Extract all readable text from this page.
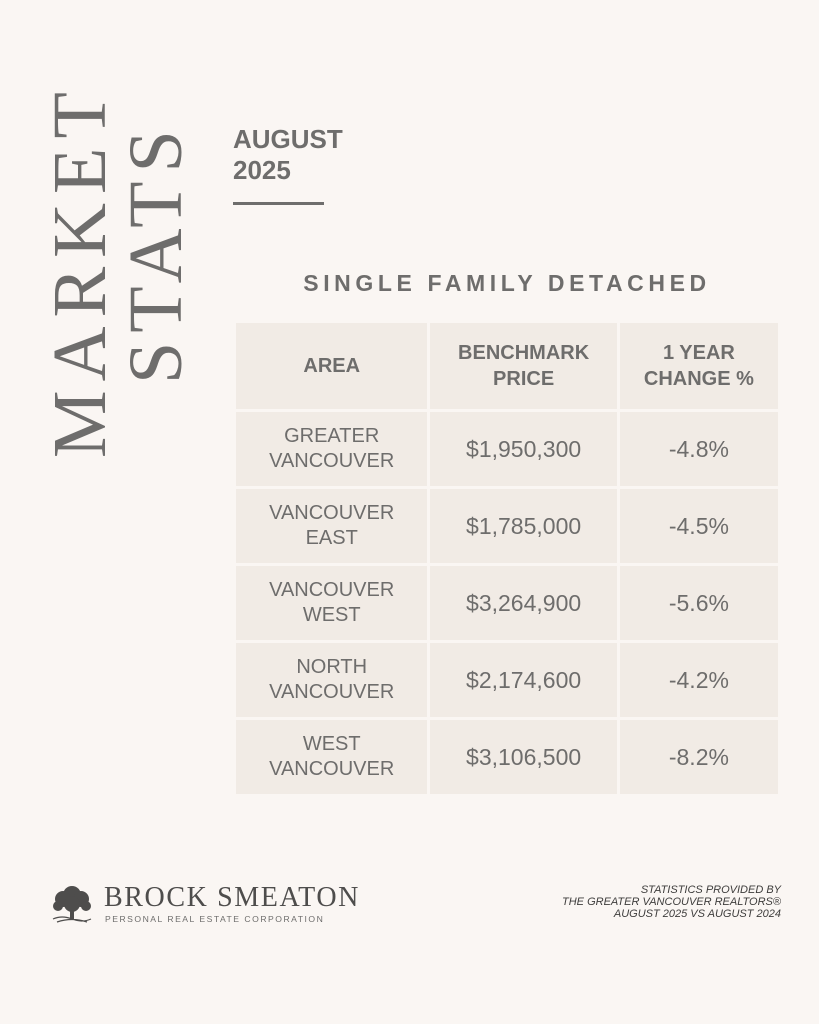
MARKET
STATS AUGUST
2025
SINGLE FAMILY DETACHED
AREA	BENCHMARK PRICE	1 YEAR CHANGE %

GREATER VANCOUVER	$1,950,300	-4.8%

VANCOUVER EAST	$1,785,000	-4.5%

VANCOUVER WEST	$3,264,900	-5.6%

NORTH VANCOUVER	$2,174,600	-4.2%

WEST VANCOUVER	$3,106,500	-8.2%
BROCK SMEATON
PERSONAL REAL ESTATE CORPORATION
STATISTICS PROVIDED BY
THE GREATER VANCOUVER REALTORS®
AUGUST 2025 VS AUGUST 2024
